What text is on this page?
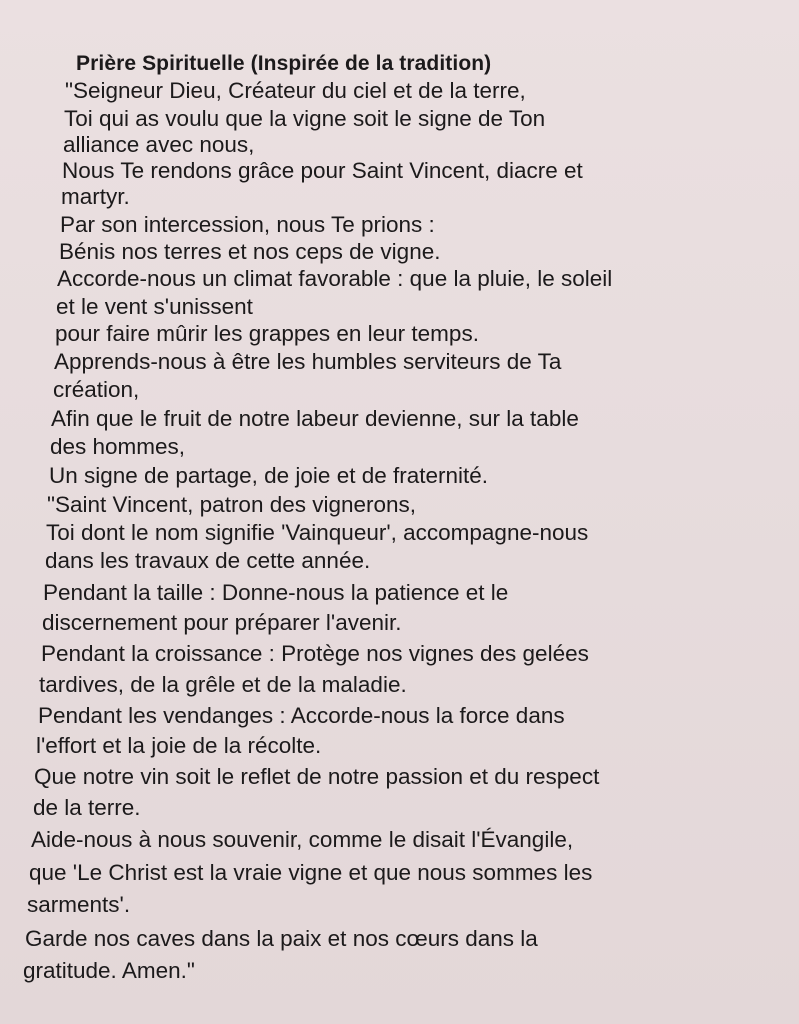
Prière Spirituelle (Inspirée de la tradition)
"Seigneur Dieu, Créateur du ciel et de la terre,
Toi qui as voulu que la vigne soit le signe de Ton
alliance avec nous,
Nous Te rendons grâce pour Saint Vincent, diacre et
martyr.
Par son intercession, nous Te prions :
Bénis nos terres et nos ceps de vigne.
Accorde-nous un climat favorable : que la pluie, le soleil
et le vent s'unissent
pour faire mûrir les grappes en leur temps.
Apprends-nous à être les humbles serviteurs de Ta
création,
Afin que le fruit de notre labeur devienne, sur la table
des hommes,
Un signe de partage, de joie et de fraternité.
"Saint Vincent, patron des vignerons,
Toi dont le nom signifie 'Vainqueur', accompagne-nous
dans les travaux de cette année.
Pendant la taille : Donne-nous la patience et le
discernement pour préparer l'avenir.
Pendant la croissance : Protège nos vignes des gelées
tardives, de la grêle et de la maladie.
Pendant les vendanges : Accorde-nous la force dans
l'effort et la joie de la récolte.
Que notre vin soit le reflet de notre passion et du respect
de la terre.
Aide-nous à nous souvenir, comme le disait l'Évangile,
que 'Le Christ est la vraie vigne et que nous sommes les
sarments'.
Garde nos caves dans la paix et nos cœurs dans la
gratitude. Amen."
